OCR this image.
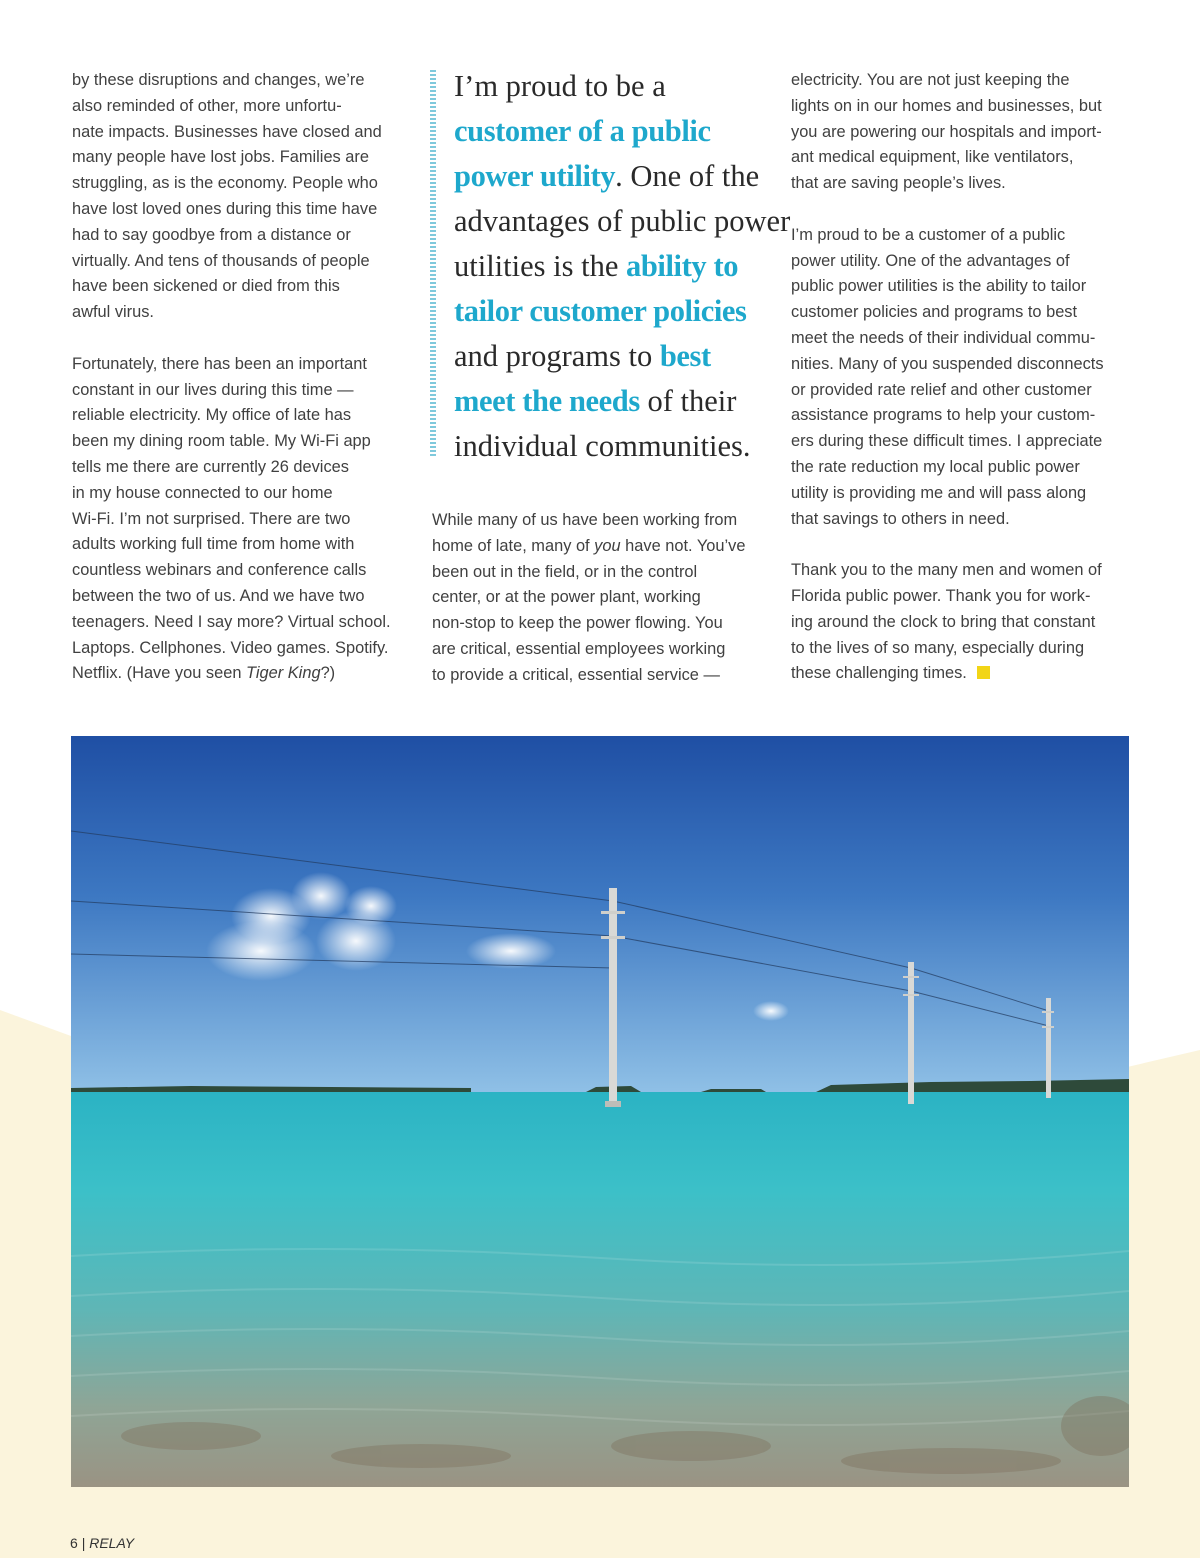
by these disruptions and changes, we’re

also reminded of other, more unfortu-

nate impacts. Businesses have closed and

many people have lost jobs. Families are

struggling, as is the economy. People who

have lost loved ones during this time have

had to say goodbye from a distance or

virtually. And tens of thousands of people

have been sickened or died from this

awful virus.

Fortunately, there has been an important

constant in our lives during this time —

reliable electricity. My office of late has

been my dining room table. My Wi-Fi app

tells me there are currently 26 devices

in my house connected to our home

Wi-Fi. I’m not surprised. There are two

adults working full time from home with

countless webinars and conference calls

between the two of us. And we have two

teenagers. Need I say more? Virtual school.

Laptops. Cellphones. Video games. Spotify.

Netflix. (Have you seen Tiger King?)

I’m proud to be a

customer of a public

power utility. One of the

advantages of public power

utilities is the ability to

tailor customer policies

and programs to best

meet the needs of their

individual communities.

While many of us have been working from

home of late, many of you have not. You’ve

been out in the field, or in the control

center, or at the power plant, working

non-stop to keep the power flowing. You

are critical, essential employees working

to provide a critical, essential service —

electricity. You are not just keeping the

lights on in our homes and businesses, but

you are powering our hospitals and import-

ant medical equipment, like ventilators,

that are saving people’s lives.

I’m proud to be a customer of a public

power utility. One of the advantages of

public power utilities is the ability to tailor

customer policies and programs to best

meet the needs of their individual commu-

nities. Many of you suspended disconnects

or provided rate relief and other customer

assistance programs to help your custom-

ers during these difficult times. I appreciate

the rate reduction my local public power

utility is providing me and will pass along

that savings to others in need.

Thank you to the many men and women of

Florida public power. Thank you for work-

ing around the clock to bring that constant

to the lives of so many, especially during

these challenging times.

6 | RELAY
